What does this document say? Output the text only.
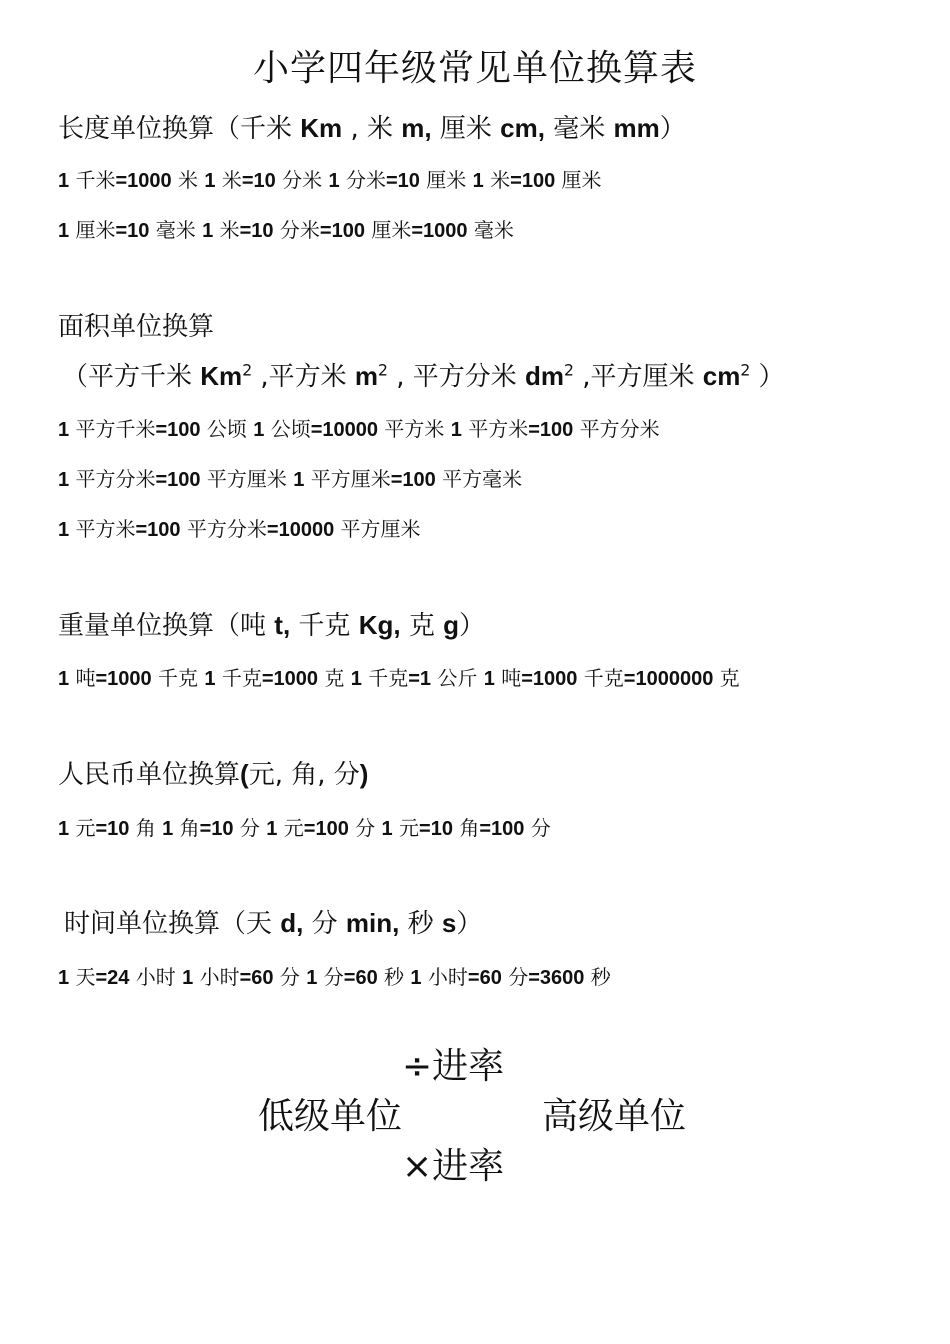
小学四年级常见单位换算表
长度单位换算（千米 Km , 米 m, 厘米 cm, 毫米 mm）
1 千米=1000 米 1 米=10 分米 1 分米=10 厘米 1 米=100 厘米
1 厘米=10 毫米 1 米=10 分米=100 厘米=1000 毫米
面积单位换算
（平方千米 Km$^2$ ,平方米 $m^2$ , 平方分米 $dm^2$ ,平方厘米 $cm^2$ ）
1 平方千米=100 公顷 1 公顷=10000 平方米 1 平方米=100 平方分米
1 平方分米=100 平方厘米 1 平方厘米=100 平方毫米
1 平方米=100 平方分米=10000 平方厘米
重量单位换算（吨 t, 千克 Kg, 克 g）
1 吨=1000 千克 1 千克=1000 克 1 千克=1 公斤 1 吨=1000 千克=1000000 克
人民币单位换算(元, 角, 分)
1 元=10 角 1 角=10 分 1 元=100 分 1 元=10 角=100 分
时间单位换算（天 d, 分 min, 秒 s）
1 天=24 小时 1 小时=60 分 1 分=60 秒 1 小时=60 分=3600 秒
÷进率
低级单位	高级单位
×进率
